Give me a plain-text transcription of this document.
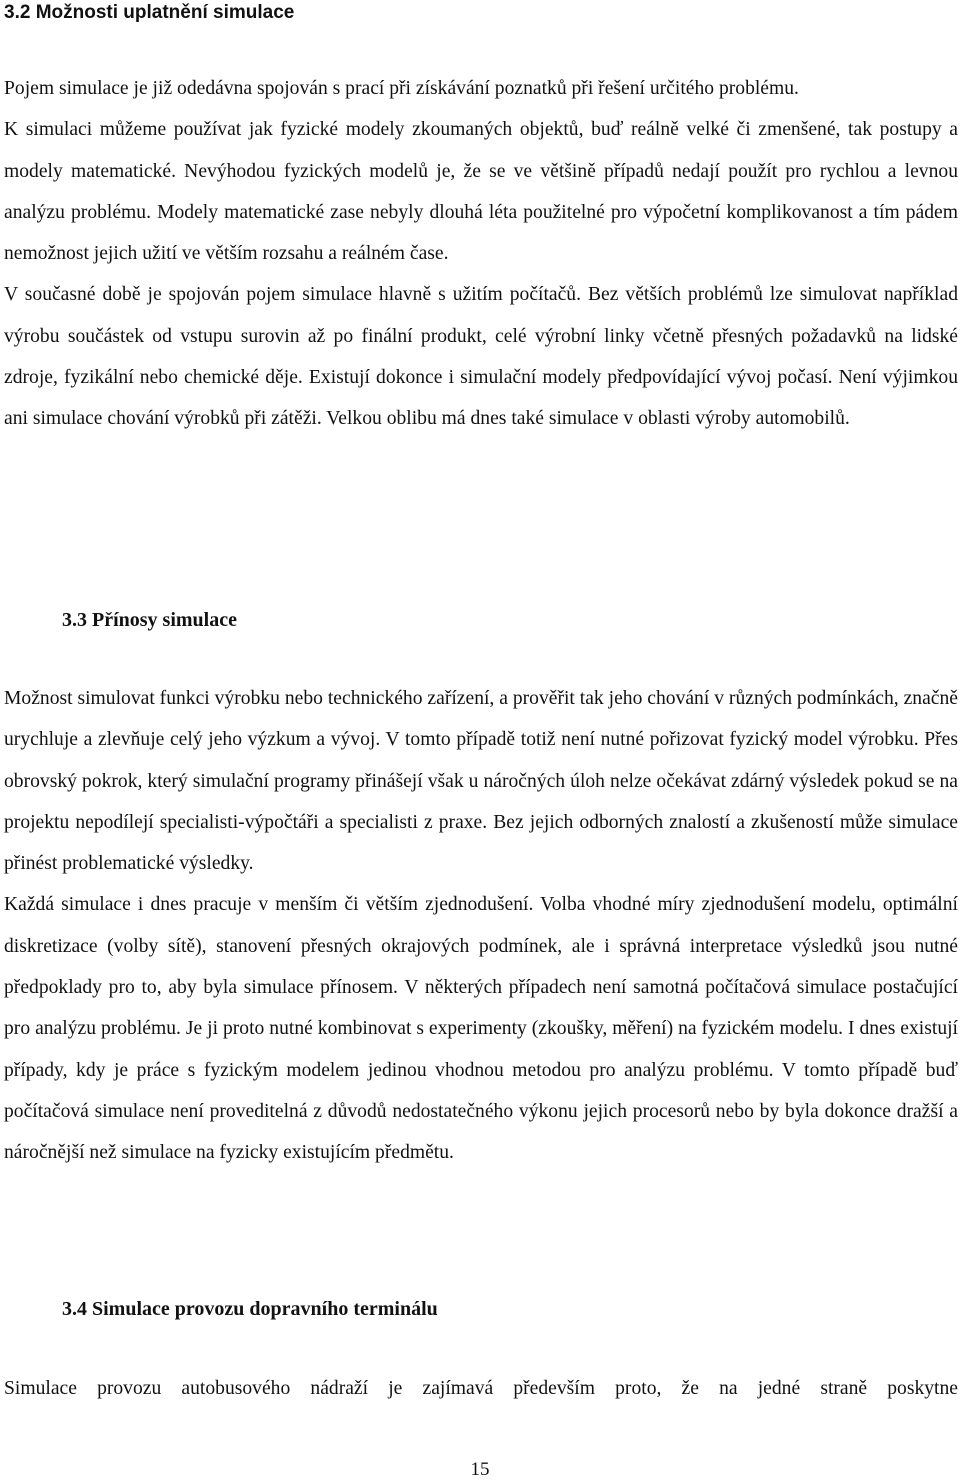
3.2 Možnosti uplatnění simulace
Pojem simulace je již odedávna spojován s prací při získávání poznatků při řešení určitého problému.
K simulaci můžeme používat jak fyzické modely zkoumaných objektů, buď reálně velké či zmenšené, tak postupy a modely matematické. Nevýhodou fyzických modelů je, že se ve většině případů nedají použít pro rychlou a levnou analýzu problému. Modely matematické zase nebyly dlouhá léta použitelné pro výpočetní komplikovanost a tím pádem nemožnost jejich užití ve větším rozsahu a reálném čase.
V současné době je spojován pojem simulace hlavně s užitím počítačů. Bez větších problémů lze simulovat například výrobu součástek od vstupu surovin až po finální produkt, celé výrobní linky včetně přesných požadavků na lidské zdroje, fyzikální nebo chemické děje. Existují dokonce i simulační modely předpovídající vývoj počasí. Není výjimkou ani simulace chování výrobků při zátěži. Velkou oblibu má dnes také simulace v oblasti výroby automobilů.
3.3 Přínosy simulace
Možnost simulovat funkci výrobku nebo technického zařízení, a prověřit tak jeho chování v různých podmínkách, značně urychluje a zlevňuje celý jeho výzkum a vývoj. V tomto případě totiž není nutné pořizovat fyzický model výrobku. Přes obrovský pokrok, který simulační programy přinášejí však u náročných úloh nelze očekávat zdárný výsledek pokud se na projektu nepodílejí specialisti-výpočtáři a specialisti z praxe. Bez jejich odborných znalostí a zkušeností může simulace přinést problematické výsledky.
Každá simulace i dnes pracuje v menším či větším zjednodušení. Volba vhodné míry zjednodušení modelu, optimální diskretizace (volby sítě), stanovení přesných okrajových podmínek, ale i správná interpretace výsledků jsou nutné předpoklady pro to, aby byla simulace přínosem. V některých případech není samotná počítačová simulace postačující pro analýzu problému. Je ji proto nutné kombinovat s experimenty (zkoušky, měření) na fyzickém modelu. I dnes existují případy, kdy je práce s fyzickým modelem jedinou vhodnou metodou pro analýzu problému. V tomto případě buď počítačová simulace není proveditelná z důvodů nedostatečného výkonu jejich procesorů nebo by byla dokonce dražší a náročnější než simulace na fyzicky existujícím předmětu.
3.4 Simulace provozu dopravního terminálu
Simulace provozu autobusového nádraží je zajímavá především proto, že na jedné straně poskytne
15
